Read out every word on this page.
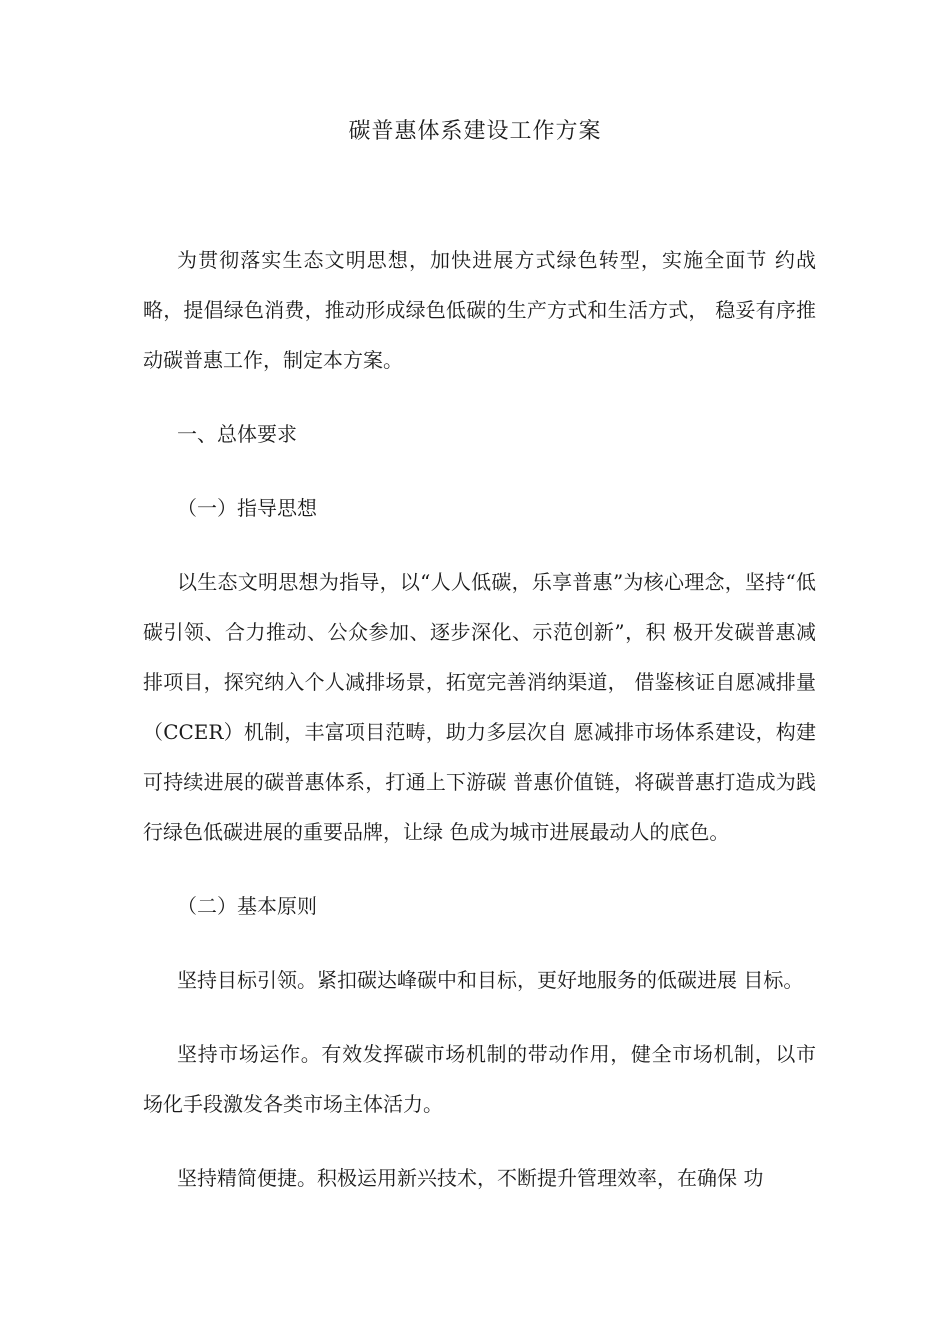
碳普惠体系建设工作方案

为贯彻落实生态文明思想，加快进展方式绿色转型，实施全面节 约战略，提倡绿色消费，推动形成绿色低碳的生产方式和生活方式， 稳妥有序推动碳普惠工作，制定本方案。

一、总体要求

（一）指导思想

以生态文明思想为指导，以“人人低碳，乐享普惠”为核心理念，坚持“低碳引领、合力推动、公众参加、逐步深化、示范创新”，积 极开发碳普惠减排项目，探究纳入个人减排场景，拓宽完善消纳渠道， 借鉴核证自愿减排量（CCER）机制，丰富项目范畴，助力多层次自 愿减排市场体系建设，构建可持续进展的碳普惠体系，打通上下游碳 普惠价值链，将碳普惠打造成为践行绿色低碳进展的重要品牌，让绿 色成为城市进展最动人的底色。

（二）基本原则

坚持目标引领。紧扣碳达峰碳中和目标，更好地服务的低碳进展 目标。

坚持市场运作。有效发挥碳市场机制的带动作用，健全市场机制，以市场化手段激发各类市场主体活力。

坚持精简便捷。积极运用新兴技术，不断提升管理效率，在确保 功
